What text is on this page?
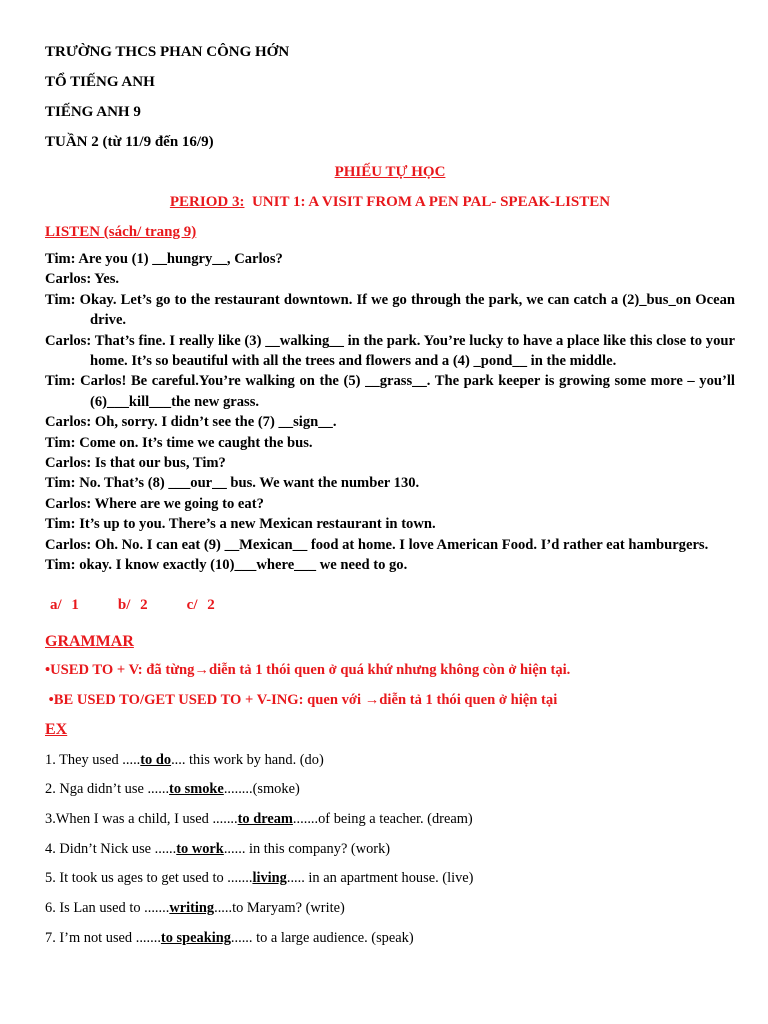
TRƯỜNG THCS PHAN CÔNG HỚN
TỔ TIẾNG ANH
TIẾNG ANH 9
TUẦN 2 (từ 11/9 đến 16/9)
PHIẾU TỰ HỌC
PERIOD 3:  UNIT 1: A VISIT FROM A PEN PAL- SPEAK-LISTEN
LISTEN (sách/ trang 9)
Tim: Are you (1) __hungry__, Carlos?
Carlos: Yes.
Tim: Okay. Let’s go to the restaurant downtown. If we go through the park, we can catch a (2)_bus_on Ocean drive.
Carlos: That’s fine. I really like (3) __walking__ in the park. You’re lucky to have a place like this close to your home. It’s so beautiful with all the trees and flowers and a (4) _pond__ in the middle.
Tim: Carlos! Be careful.You’re walking on the (5) __grass__. The park keeper is growing some more – you’ll (6)___kill___the new grass.
Carlos: Oh, sorry. I didn’t see the (7) __sign__.
Tim: Come on. It’s time we caught the bus.
Carlos: Is that our bus, Tim?
Tim: No. That’s (8) ___our__ bus. We want the number 130.
Carlos: Where are we going to eat?
Tim: It’s up to you. There’s a new Mexican restaurant in town.
Carlos: Oh. No. I can eat (9) __Mexican__ food at home. I love American Food. I’d rather eat hamburgers.
Tim: okay. I know exactly (10)___where___ we need to go.
a/ 1    b/ 2    c/ 2
GRAMMAR
•USED TO + V: đã từng→diễn tả 1 thói quen ở quá khứ nhưng không còn ở hiện tại.
•BE USED TO/GET USED TO + V-ING: quen với →diễn tả 1 thói quen ở hiện tại
EX
1. They used .....to do.... this work by hand. (do)
2. Nga didn’t use ......to smoke........(smoke)
3.When I was a child, I used .......to dream.......of being a teacher. (dream)
4. Didn’t Nick use ......to work...... in this company? (work)
5. It took us ages to get used to .......living..... in an apartment house. (live)
6. Is Lan used to .......writing.....to Maryam? (write)
7. I’m not used .......to speaking...... to a large audience. (speak)
